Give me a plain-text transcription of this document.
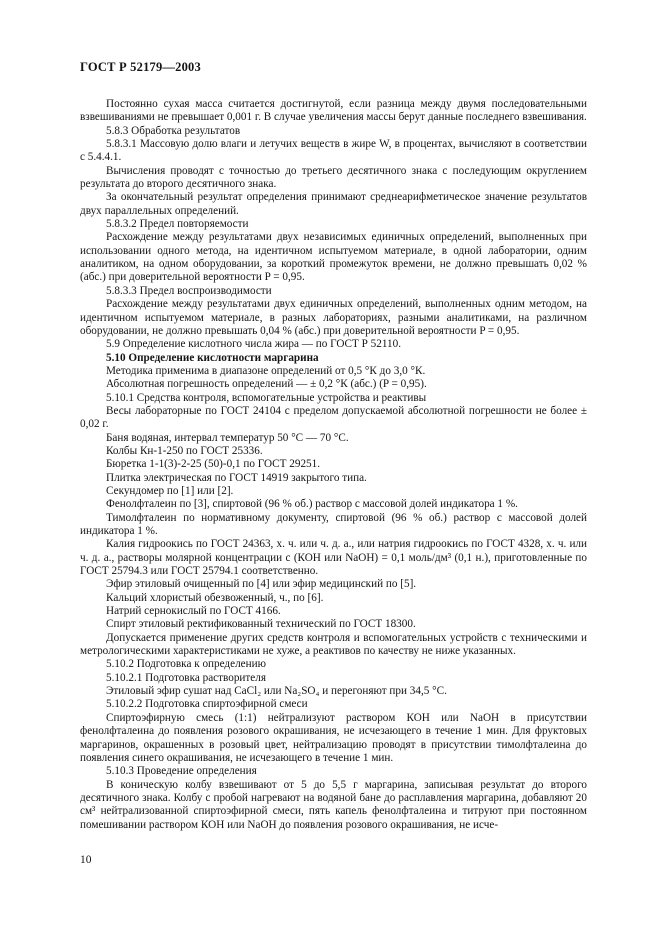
ГОСТ Р 52179—2003

Постоянно сухая масса считается достигнутой, если разница между двумя последовательными взвешиваниями не превышает 0,001 г. В случае увеличения массы берут данные последнего взвешивания.

5.8.3 Обработка результатов

5.8.3.1 Массовую долю влаги и летучих веществ в жире W, в процентах, вычисляют в соответствии с 5.4.4.1.

Вычисления проводят с точностью до третьего десятичного знака с последующим округлением результата до второго десятичного знака.

За окончательный результат определения принимают среднеарифметическое значение результатов двух параллельных определений.

5.8.3.2 Предел повторяемости

Расхождение между результатами двух независимых единичных определений, выполненных при использовании одного метода, на идентичном испытуемом материале, в одной лаборатории, одним аналитиком, на одном оборудовании, за короткий промежуток времени, не должно превышать 0,02 % (абс.) при доверительной вероятности P = 0,95.

5.8.3.3 Предел воспроизводимости

Расхождение между результатами двух единичных определений, выполненных одним методом, на идентичном испытуемом материале, в разных лабораториях, разными аналитиками, на различном оборудовании, не должно превышать 0,04 % (абс.) при доверительной вероятности P = 0,95.

5.9 Определение кислотного числа жира — по ГОСТ Р 52110.

5.10 Определение кислотности маргарина

Методика применима в диапазоне определений от 0,5 °К до 3,0 °К.

Абсолютная погрешность определений — ± 0,2 °К (абс.) (P = 0,95).

5.10.1 Средства контроля, вспомогательные устройства и реактивы

Весы лабораторные по ГОСТ 24104 с пределом допускаемой абсолютной погрешности не более ± 0,02 г.

Баня водяная, интервал температур 50 °С — 70 °С.

Колбы Кн-1-250 по ГОСТ 25336.

Бюретка 1-1(3)-2-25 (50)-0,1 по ГОСТ 29251.

Плитка электрическая по ГОСТ 14919 закрытого типа.

Секундомер по [1] или [2].

Фенолфталеин по [3], спиртовой (96 % об.) раствор с массовой долей индикатора 1 %.

Тимолфталеин по нормативному документу, спиртовой (96 % об.) раствор с массовой долей индикатора 1 %.

Калия гидроокись по ГОСТ 24363, х. ч. или ч. д. а., или натрия гидроокись по ГОСТ 4328, х. ч. или ч. д. а., растворы молярной концентрации с (КОН или NaOH) = 0,1 моль/дм³ (0,1 н.), приготовленные по ГОСТ 25794.3 или ГОСТ 25794.1 соответственно.

Эфир этиловый очищенный по [4] или эфир медицинский по [5].

Кальций хлористый обезвоженный, ч., по [6].

Натрий сернокислый по ГОСТ 4166.

Спирт этиловый ректификованный технический по ГОСТ 18300.

Допускается применение других средств контроля и вспомогательных устройств с техническими и метрологическими характеристиками не хуже, а реактивов по качеству не ниже указанных.

5.10.2 Подготовка к определению

5.10.2.1 Подготовка растворителя

Этиловый эфир сушат над CaCl₂ или Na₂SO₄ и перегоняют при 34,5 °С.

5.10.2.2 Подготовка спиртоэфирной смеси

Спиртоэфирную смесь (1:1) нейтрализуют раствором КОН или NaOH в присутствии фенолфталеина до появления розового окрашивания, не исчезающего в течение 1 мин. Для фруктовых маргаринов, окрашенных в розовый цвет, нейтрализацию проводят в присутствии тимолфталеина до появления синего окрашивания, не исчезающего в течение 1 мин.

5.10.3 Проведение определения

В коническую колбу взвешивают от 5 до 5,5 г маргарина, записывая результат до второго десятичного знака. Колбу с пробой нагревают на водяной бане до расплавления маргарина, добавляют 20 см³ нейтрализованной спиртоэфирной смеси, пять капель фенолфталеина и титруют при постоянном помешивании раствором КОН или NaOH до появления розового окрашивания, не исче-

10
